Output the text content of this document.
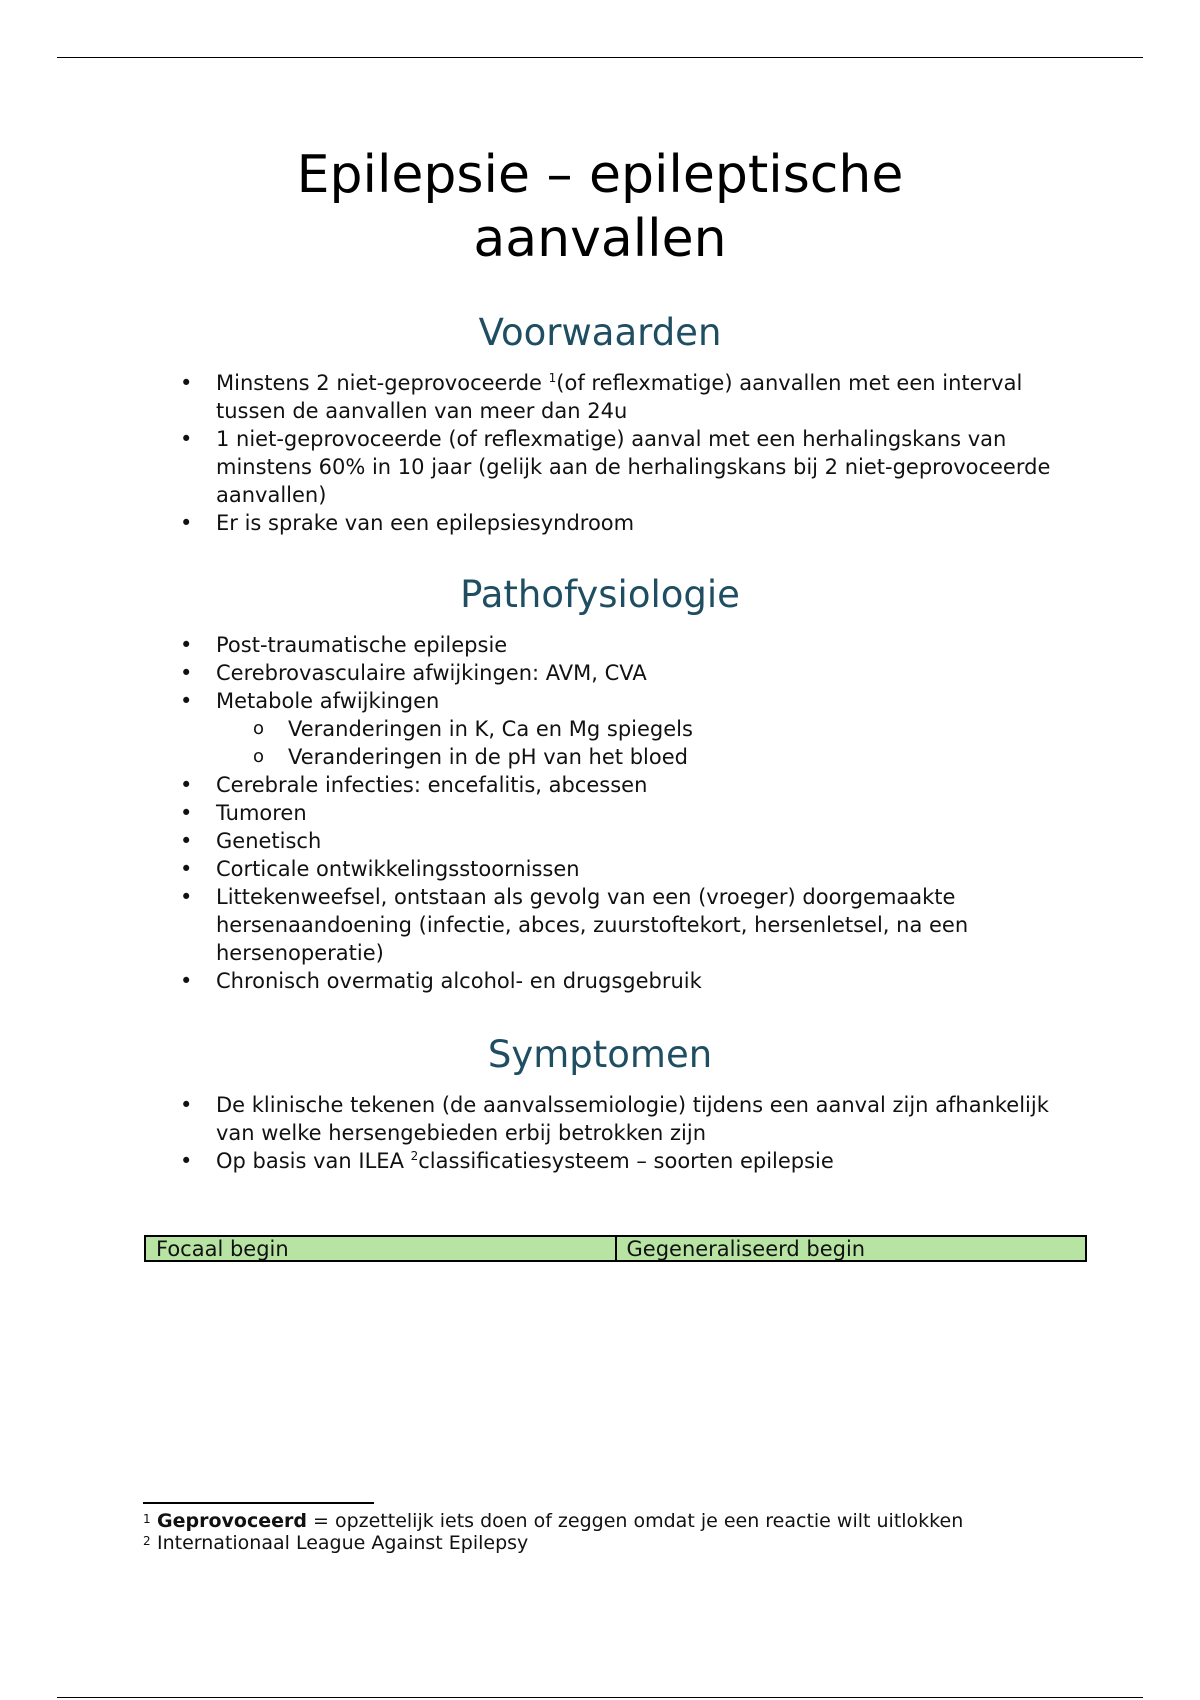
Epilepsie – epileptische
aanvallen
Voorwaarden
• Minstens 2 niet-geprovoceerde $^1$(of reflexmatige) aanvallen met een interval tussen de aanvallen van meer dan 24u
• 1 niet-geprovoceerde (of reflexmatige) aanval met een herhalingskans van minstens 60% in 10 jaar (gelijk aan de herhalingskans bij 2 niet-geprovoceerde aanvallen)
• Er is sprake van een epilepsiesyndroom
Pathofysiologie
• Post-traumatische epilepsie
• Cerebrovasculaire afwijkingen: AVM, CVA
• Metabole afwijkingen
o Veranderingen in K, Ca en Mg spiegels
o Veranderingen in de pH van het bloed
• Cerebrale infecties: encefalitis, abcessen
• Tumoren
• Genetisch
• Corticale ontwikkelingsstoornissen
• Littekenweefsel, ontstaan als gevolg van een (vroeger) doorgemaakte hersenaandoening (infectie, abces, zuurstoftekort, hersenletsel, na een hersenoperatie)
• Chronisch overmatig alcohol- en drugsgebruik
Symptomen
• De klinische tekenen (de aanvalssemiologie) tijdens een aanval zijn afhankelijk van welke hersengebieden erbij betrokken zijn
• Op basis van ILEA $^2$classificatiesysteem – soorten epilepsie
Focaal begin	Gegeneraliseerd begin
1 Geprovoceerd = opzettelijk iets doen of zeggen omdat je een reactie wilt uitlokken
2 Internationaal League Against Epilepsy
